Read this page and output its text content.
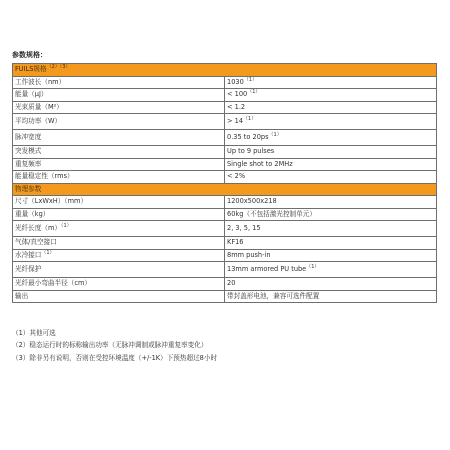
参数规格：
FUILS规格$^{(2)(3)}$
工作波长（nm）	$1030^{(1)}$
能量（μJ）	< $100^{(1)}$
光束质量（M²）	< 1.2
平均功率（W）	> $14^{(1)}$
脉冲宽度	0.35 to $20ps^{(1)}$
突发模式	Up to 9 pulses
重复频率	Single shot to 2MHz
能量稳定性（rms）	< 2%
物理参数	
尺寸（LxWxH）（mm）	1200x500x218
重量（kg）	60kg（不包括激光控制单元）
光纤长度$(m)^{(1)}$	2, 3, 5, 15
气体/真空接口	KF16
水冷接口$^{(1)}$	8mm push-in
光纤保护	13mm armored PU tube$^{(1)}$
光纤最小弯曲半径（cm）	20
输出	带封盖形电池，兼容可选件配置
（1）其他可选
（2）稳态运行时的标称输出功率（无脉冲调制或脉冲重复率变化）
（3）除非另有说明，否则在受控环境温度（+/-1K）下预热超过8小时
